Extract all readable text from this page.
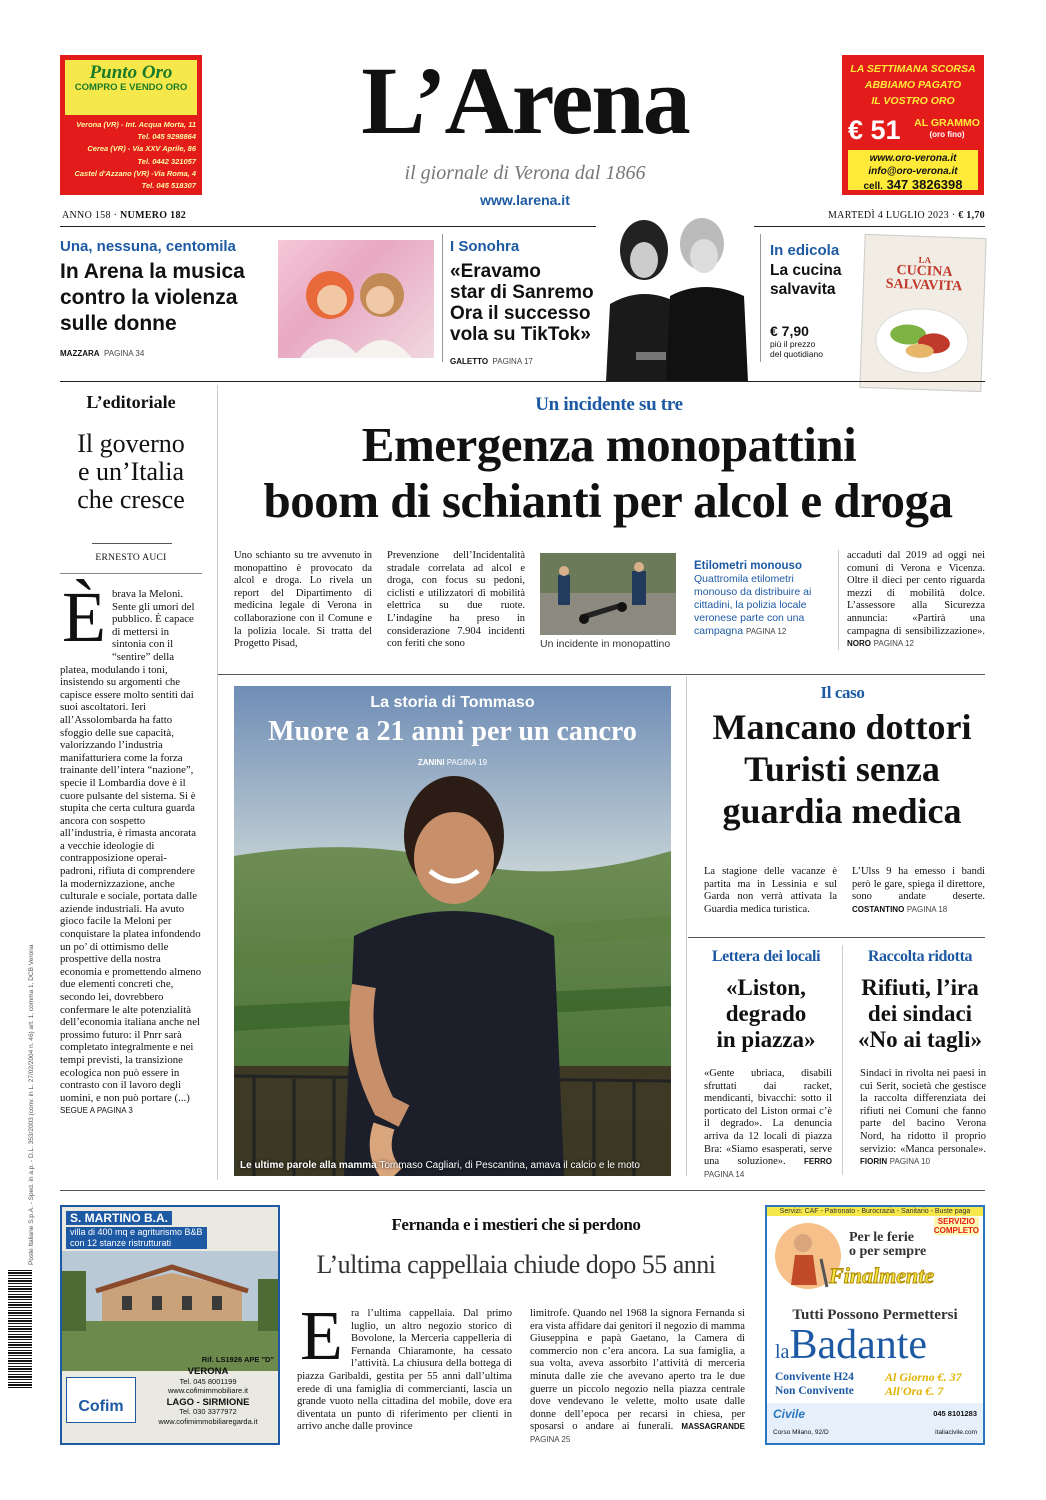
Poste Italiane S.p.A. - Sped. in a.p. - D.L. 353/2003 (conv. in L. 27/02/2004 n. 46) art. 1, comma 1, DCB Verona
Punto Oro
COMPRO E VENDO ORO
Verona (VR) - Int. Acqua Morta, 11
Tel. 045 9298864
Cerea (VR) - Via XXV Aprile, 86
Tel. 0442 321057
Castel d'Azzano (VR) -Via Roma, 4
Tel. 045 518307
L’Arena
il giornale di Verona dal 1866
www.larena.it
LA SETTIMANA SCORSA
ABBIAMO PAGATO
IL VOSTRO ORO
€ 51 AL GRAMMO
(oro fino)
www.oro-verona.it
info@oro-verona.it
cell. 347 3826398
ANNO 158 · NUMERO 182	MARTEDÌ 4 LUGLIO 2023 · € 1,70
Una, nessuna, centomila
In Arena la musica
contro la violenza
sulle donne
MAZZARA PAGINA 34
I Sonohra
«Eravamo
star di Sanremo
Ora il successo
vola su TikTok»
GALETTO PAGINA 17
In edicola
La cucina
salvavita
€ 7,90
più il prezzo
del quotidiano
LA
CUCINA
SALVAVITA
L’editoriale
Il governo
e un’Italia
che cresce
ERNESTO AUCI
È brava la Meloni. Sente gli umori del pubblico. È capace di mettersi in sintonia con il “sentire” della platea, modulando i toni, insistendo su argomenti che capisce essere molto sentiti dai suoi ascoltatori. Ieri all’Assolombarda ha fatto sfoggio delle sue capacità, valorizzando l’industria manifatturiera come la forza trainante dell’intera “nazione”, specie il Lombardia dove è il cuore pulsante del sistema. Si è stupita che certa cultura guarda ancora con sospetto all’industria, è rimasta ancorata a vecchie ideologie di contrapposizione operai-padroni, rifiuta di comprendere la modernizzazione, anche culturale e sociale, portata dalle aziende industriali. Ha avuto gioco facile la Meloni per conquistare la platea infondendo un po’ di ottimismo delle prospettive della nostra economia e promettendo almeno due elementi concreti che, secondo lei, dovrebbero confermare le alte potenzialità dell’economia italiana anche nel prossimo futuro: il Pnrr sarà completato integralmente e nei tempi previsti, la transizione ecologica non può essere in contrasto con il lavoro degli uomini, e non può portare (...) SEGUE A PAGINA 3
Un incidente su tre
Emergenza monopattini
boom di schianti per alcol e droga
Uno schianto su tre avvenuto in monopattino è provocato da alcol e droga. Lo rivela un report del Dipartimento di medicina legale di Verona in collaborazione con il Comune e la polizia locale. Si tratta del Progetto Pisad,
Prevenzione dell’Incidentalità stradale correlata ad alcol e droga, con focus su pedoni, ciclisti e utilizzatori di mobilità elettrica su due ruote. L’indagine ha preso in considerazione 7.904 incidenti con feriti che sono	Un incidente in monopattino
Etilometri monouso
Quattromila etilometri monouso da distribuire ai cittadini, la polizia locale veronese parte con una campagna PAGINA 12
accaduti dal 2019 ad oggi nei comuni di Verona e Vicenza. Oltre il dieci per cento riguarda mezzi di mobilità dolce. L’assessore alla Sicurezza annuncia: «Partirà una campagna di sensibilizzazione». NORO PAGINA 12
La storia di Tommaso
Muore a 21 anni per un cancro
ZANINI PAGINA 19
Le ultime parole alla mamma Tommaso Cagliari, di Pescantina, amava il calcio e le moto
Il caso
Mancano dottori
Turisti senza
guardia medica
La stagione delle vacanze è partita ma in Lessinia e sul Garda non verrà attivata la Guardia medica turistica.
L’Ulss 9 ha emesso i bandi però le gare, spiega il direttore, sono andate deserte. COSTANTINO PAGINA 18
Lettera dei locali
«Liston,
degrado
in piazza»
«Gente ubriaca, disabili sfruttati dai racket, mendicanti, bivacchi: sotto il porticato del Liston ormai c’è il degrado». La denuncia arriva da 12 locali di piazza Bra: «Siamo esasperati, serve una soluzione». FERRO PAGINA 14
Raccolta ridotta
Rifiuti, l’ira
dei sindaci
«No ai tagli»
Sindaci in rivolta nei paesi in cui Serit, società che gestisce la raccolta differenziata dei rifiuti nei Comuni che fanno parte del bacino Verona Nord, ha ridotto il proprio servizio: «Manca personale». FIORIN PAGINA 10
S. MARTINO B.A.
villa di 400 mq e agriturismo B&B
con 12 stanze ristrutturati
Rif. LS1926 APE "D"
Cofim
VERONA
Tel. 045 8001199
www.cofimimmobiliare.it
LAGO - SIRMIONE
Tel. 030 3377972
www.cofimimmobiliaregarda.it
Fernanda e i mestieri che si perdono
L’ultima cappellaia chiude dopo 55 anni
E ra l’ultima cappellaia. Dal primo luglio, un altro negozio storico di Bovolone, la Merceria cappelleria di Fernanda Chiaramonte, ha cessato l’attività. La chiusura della bottega di piazza Garibaldi, gestita per 55 anni dall’ultima erede di una famiglia di commercianti, lascia un grande vuoto nella cittadina del mobile, dove era diventata un punto di riferimento per clienti in arrivo anche dalle province
limitrofe. Quando nel 1968 la signora Fernanda si era vista affidare dai genitori il negozio di mamma Giuseppina e papà Gaetano, la Camera di commercio non c’era ancora. La sua famiglia, a sua volta, aveva assorbito l’attività di merceria minuta dalle zie che avevano aperto tra le due guerre un piccolo negozio nella piazza centrale dove vendevano le velette, molto usate dalle donne dell’epoca per recarsi in chiesa, per sposarsi o andare ai funerali. MASSAGRANDE PAGINA 25
Servizi: CAF - Patronato - Burocrazia - Sanitario - Buste paga
SERVIZIO
COMPLETO
Per le ferie
o per sempre
Finalmente
Tutti Possono Permettersi
laBadante
Convivente H24
Non Convivente
Al Giorno €. 37
All'Ora €. 7
Civile
Corso Milano, 92/D
045 8101283
italiacivile.com
